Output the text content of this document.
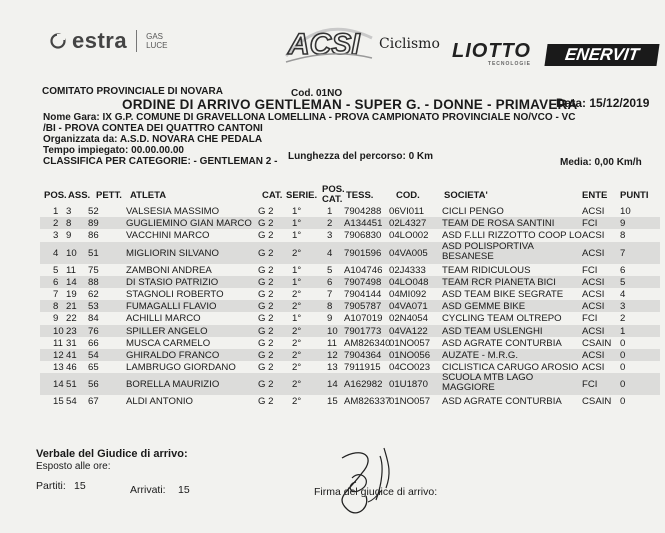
estra GAS
LUCE	ACSI Ciclismo LIOTTO
TECNOLOGIE ENERVIT
COMITATO PROVINCIALE DI NOVARA	Cod. 01NO
ORDINE DI ARRIVO GENTLEMAN - SUPER G. - DONNE - PRIMAVERA
Data: 15/12/2019
Nome Gara: IX G.P. COMUNE DI GRAVELLONA LOMELLINA - PROVA CAMPIONATO PROVINCIALE NO/VCO - VC
/BI - PROVA CONTEA DEI QUATTRO CANTONI
Organizzata da: A.S.D. NOVARA CHE PEDALA
Tempo impiegato: 00.00.00.00
Lunghezza del percorso: 0 Km
CLASSIFICA PER CATEGORIE: - GENTLEMAN 2 -	Media: 0,00 Km/h
POS. ASS. PETT. ATLETA	CAT. SERIE.
POS.
CAT. TESS. COD.	SOCIETA'	ENTE PUNTI
1 3 52	VALSESIA MASSIMO	G 2 1°	1 7904288 06VI011 CICLI PENGO	ACSI 10
2 8 89	GUGLIEMINO GIAN MARCO G 2 1°	2 A134451 02L4327 TEAM DE ROSA SANTINI	FCI 9
3 9 86	VACCHINI MARCO	G 2 1°	3 7906830 04LO002 ASD F.LLI RIZZOTTO COOP LO ACSI 8
4 10 51	MIGLIORIN SILVANO	G 2 2°	4 7901596 04VA005
ASD POLISPORTIVA BESANESE	ACSI 7
5 11 75	ZAMBONI ANDREA	G 2 1°	5 A104746 02J4333 TEAM RIDICULOUS	FCI 6
6 14 88	DI STASIO PATRIZIO	G 2 1°	6 7907498 04LO048 TEAM RCR PIANETA BICI	ACSI 5
7 19 62	STAGNOLI ROBERTO	G 2 2°	7 7904144 04MI092 ASD TEAM BIKE SEGRATE ACSI 4
8 21 53	FUMAGALLI FLAVIO	G 2 2°	8 7905787 04VA071 ASD GEMME BIKE	ACSI 3
9 22 84	ACHILLI MARCO	G 2 1°	9 A107019 02N4054 CYCLING TEAM OLTREPO FCI 2
10 23 76	SPILLER ANGELO	G 2 2°	10 7901773 04VA122 ASD TEAM USLENGHI	ACSI 1
11 31 66	MUSCA CARMELO	G 2 2°	11 AM826340
01NO057 ASD AGRATE CONTURBIA CSAIN 0
12 41 54	GHIRALDO FRANCO	G 2 2°	12 7904364 01NO056 AUZATE - M.R.G.	ACSI 0
13 46 65	LAMBRUGO GIORDANO G 2 2°	13 7911915 04CO023 CICLISTICA CARUGO AROSIO ACSI 0
14 51 56	BORELLA MAURIZIO	G 2 2°	14 A162982 01U1870
SCUOLA MTB LAGO MAGGIORE	FCI 0
15 54 67	ALDI ANTONIO	G 2 2°	15 AM826337
01NO057 ASD AGRATE CONTURBIA CSAIN 0
Verbale del Giudice di arrivo:
Esposto alle ore:
Partiti: 15	Arrivati: 15	Firma del giudice di arrivo:
